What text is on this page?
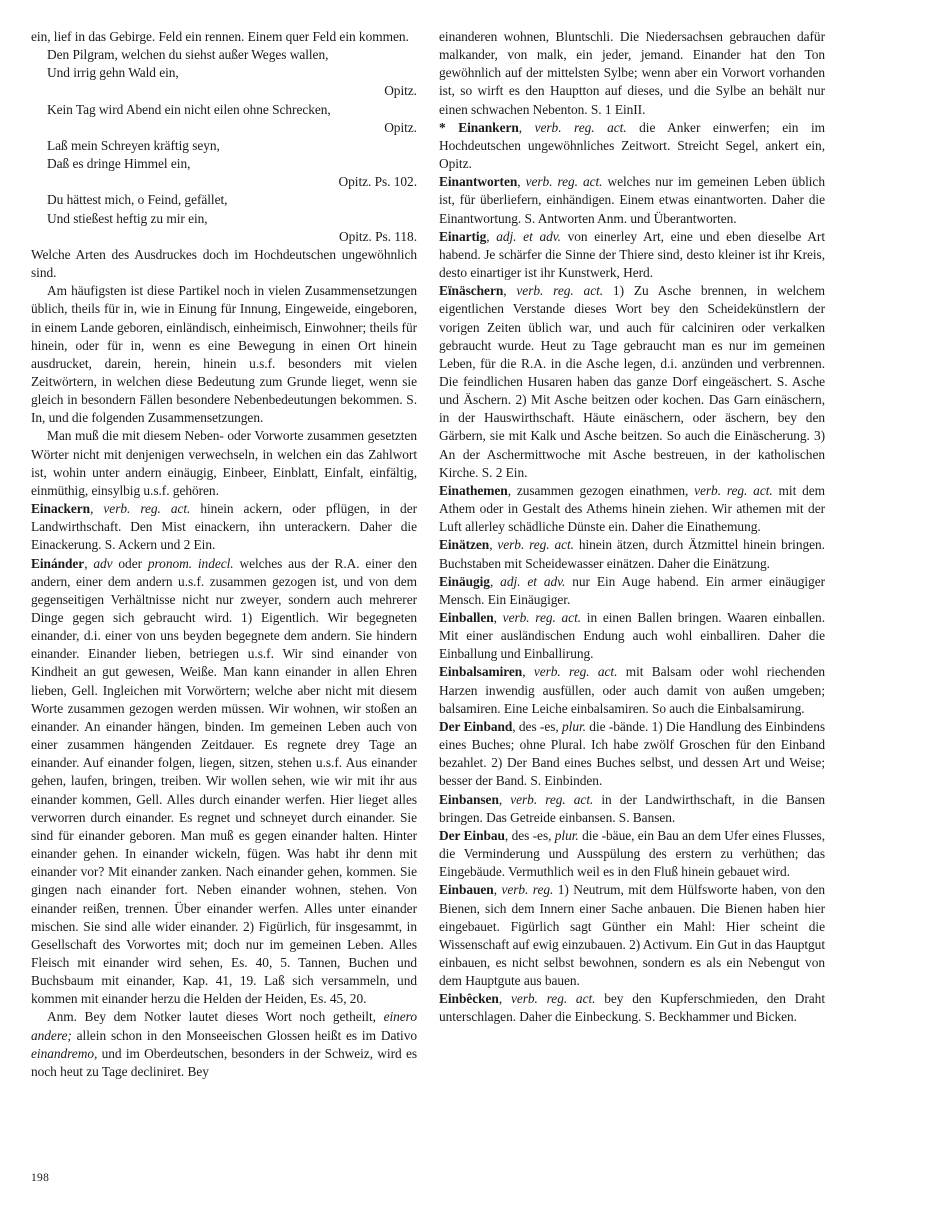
ein, lief in das Gebirge. Feld ein rennen. Einem quer Feld ein kommen.

Den Pilgram, welchen du siehst außer Weges wallen,

Und irrig gehn Wald ein,

Opitz.

Kein Tag wird Abend ein nicht eilen ohne Schrecken,

Opitz.

Laß mein Schreyen kräftig seyn,

Daß es dringe Himmel ein,

Opitz. Ps. 102.

Du hättest mich, o Feind, gefället,

Und stießest heftig zu mir ein,

Opitz. Ps. 118.

Welche Arten des Ausdruckes doch im Hochdeutschen ungewöhnlich sind.

Am häufigsten ist diese Partikel noch in vielen Zusammensetzungen üblich, theils für in, wie in Einung für Innung, Eingeweide, eingeboren, in einem Lande geboren, einländisch, einheimisch, Einwohner; theils für hinein, oder für in, wenn es eine Bewegung in einen Ort hinein ausdrucket, darein, herein, hinein u.s.f. besonders mit vielen Zeitwörtern, in welchen diese Bedeutung zum Grunde lieget, wenn sie gleich in besondern Fällen besondere Nebenbedeutungen bekommen. S. In, und die folgenden Zusammensetzungen.

Man muß die mit diesem Neben- oder Vorworte zusammen gesetzten Wörter nicht mit denjenigen verwechseln, in welchen ein das Zahlwort ist, wohin unter andern einäugig, Einbeer, Einblatt, Einfalt, einfältig, einmüthig, einsylbig u.s.f. gehören.

Einackern, verb. reg. act. hinein ackern, oder pflügen, in der Landwirthschaft. Den Mist einackern, ihn unterackern. Daher die Einackerung. S. Ackern und 2 Ein.

Einánder, adv oder pronom. indecl. welches aus der R.A. einer den andern, einer dem andern u.s.f. zusammen gezogen ist, und von dem gegenseitigen Verhältnisse nicht nur zweyer, sondern auch mehrerer Dinge gegen sich gebraucht wird. 1) Eigentlich. Wir begegneten einander, d.i. einer von uns beyden begegnete dem andern. Sie hindern einander. Einander lieben, betriegen u.s.f. Wir sind einander von Kindheit an gut gewesen, Weiße. Man kann einander in allen Ehren lieben, Gell. Ingleichen mit Vorwörtern; welche aber nicht mit diesem Worte zusammen gezogen werden müssen. Wir wohnen, wir stoßen an einander. An einander hängen, binden. Im gemeinen Leben auch von einer zusammen hängenden Zeitdauer. Es regnete drey Tage an einander. Auf einander folgen, liegen, sitzen, stehen u.s.f. Aus einander gehen, laufen, bringen, treiben. Wir wollen sehen, wie wir mit ihr aus einander kommen, Gell. Alles durch einander werfen. Hier lieget alles verworren durch einander. Es regnet und schneyet durch einander. Sie sind für einander geboren. Man muß es gegen einander halten. Hinter einander gehen. In einander wickeln, fügen. Was habt ihr denn mit einander vor? Mit einander zanken. Nach einander gehen, kommen. Sie gingen nach einander fort. Neben einander wohnen, stehen. Von einander reißen, trennen. Über einander werfen. Alles unter einander mischen. Sie sind alle wider einander. 2) Figürlich, für insgesammt, in Gesellschaft des Vorwortes mit; doch nur im gemeinen Leben. Alles Fleisch mit einander wird sehen, Es. 40, 5. Tannen, Buchen und Buchsbaum mit einander, Kap. 41, 19. Laß sich versammeln, und kommen mit einander herzu die Helden der Heiden, Es. 45, 20.

Anm. Bey dem Notker lautet dieses Wort noch getheilt, einero andere; allein schon in den Monseeischen Glossen heißt es im Dativo einandremo, und im Oberdeutschen, besonders in der Schweiz, wird es noch heut zu Tage decliniret. Bey

einanderen wohnen, Bluntschli. Die Niedersachsen gebrauchen dafür malkander, von malk, ein jeder, jemand. Einander hat den Ton gewöhnlich auf der mittelsten Sylbe; wenn aber ein Vorwort vorhanden ist, so wirft es den Hauptton auf dieses, und die Sylbe an behält nur einen schwachen Nebenton. S. 1 EinII.

* Einankern, verb. reg. act. die Anker einwerfen; ein im Hochdeutschen ungewöhnliches Zeitwort. Streicht Segel, ankert ein, Opitz.

Einantworten, verb. reg. act. welches nur im gemeinen Leben üblich ist, für überliefern, einhändigen. Einem etwas einantworten. Daher die Einantwortung. S. Antworten Anm. und Überantworten.

Einartig, adj. et adv. von einerley Art, eine und eben dieselbe Art habend. Je schärfer die Sinne der Thiere sind, desto kleiner ist ihr Kreis, desto einartiger ist ihr Kunstwerk, Herd.

Eïnäschern, verb. reg. act. 1) Zu Asche brennen, in welchem eigentlichen Verstande dieses Wort bey den Scheidekünstlern der vorigen Zeiten üblich war, und auch für calciniren oder verkalken gebraucht wurde. Heut zu Tage gebraucht man es nur im gemeinen Leben, für die R.A. in die Asche legen, d.i. anzünden und verbrennen. Die feindlichen Husaren haben das ganze Dorf eingeäschert. S. Asche und Äschern. 2) Mit Asche beitzen oder kochen. Das Garn einäschern, in der Hauswirthschaft. Häute einäschern, oder äschern, bey den Gärbern, sie mit Kalk und Asche beitzen. So auch die Einäscherung. 3) An der Aschermittwoche mit Asche bestreuen, in der katholischen Kirche. S. 2 Ein.

Einathemen, zusammen gezogen einathmen, verb. reg. act. mit dem Athem oder in Gestalt des Athems hinein ziehen. Wir athemen mit der Luft allerley schädliche Dünste ein. Daher die Einathemung.

Einätzen, verb. reg. act. hinein ätzen, durch Ätzmittel hinein bringen. Buchstaben mit Scheidewasser einätzen. Daher die Einätzung.

Einäugig, adj. et adv. nur Ein Auge habend. Ein armer einäugiger Mensch. Ein Einäugiger.

Einballen, verb. reg. act. in einen Ballen bringen. Waaren einballen. Mit einer ausländischen Endung auch wohl einballiren. Daher die Einballung und Einballirung.

Einbalsamiren, verb. reg. act. mit Balsam oder wohl riechenden Harzen inwendig ausfüllen, oder auch damit von außen umgeben; balsamiren. Eine Leiche einbalsamiren. So auch die Einbalsamirung.

Der Einband, des -es, plur. die -bände. 1) Die Handlung des Einbindens eines Buches; ohne Plural. Ich habe zwölf Groschen für den Einband bezahlet. 2) Der Band eines Buches selbst, und dessen Art und Weise; besser der Band. S. Einbinden.

Einbansen, verb. reg. act. in der Landwirthschaft, in die Bansen bringen. Das Getreide einbansen. S. Bansen.

Der Einbau, des -es, plur. die -bäue, ein Bau an dem Ufer eines Flusses, die Verminderung und Ausspülung des erstern zu verhüthen; das Eingebäude. Vermuthlich weil es in den Fluß hinein gebauet wird.

Einbauen, verb. reg. 1) Neutrum, mit dem Hülfsworte haben, von den Bienen, sich dem Innern einer Sache anbauen. Die Bienen haben hier eingebauet. Figürlich sagt Günther ein Mahl: Hier scheint die Wissenschaft auf ewig einzubauen. 2) Activum. Ein Gut in das Hauptgut einbauen, es nicht selbst bewohnen, sondern es als ein Nebengut von dem Hauptgute aus bauen.

Einbêcken, verb. reg. act. bey den Kupferschmieden, den Draht unterschlagen. Daher die Einbeckung. S. Beckhammer und Bicken.

198
